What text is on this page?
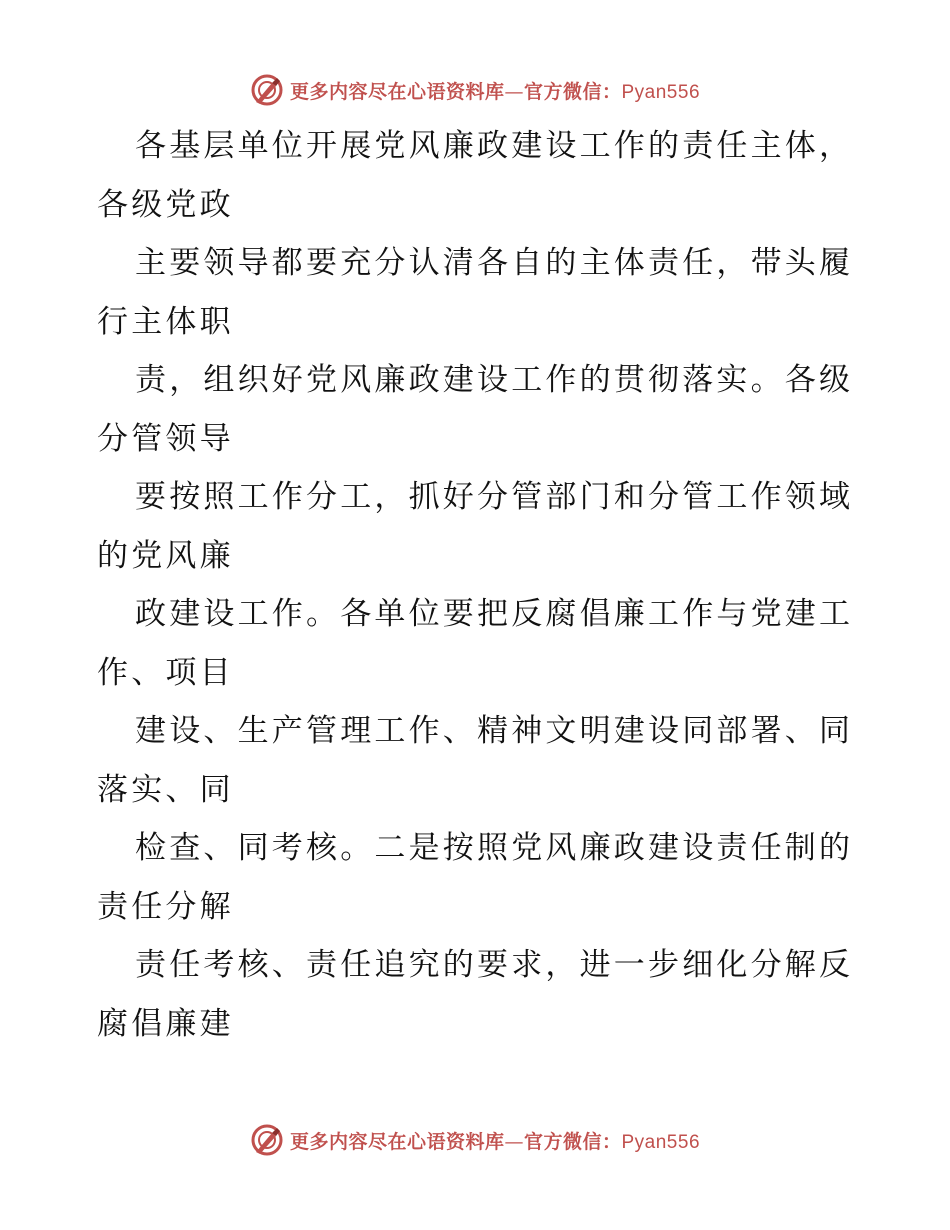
更多内容尽在心语资料库—官方微信：Pyan556
各基层单位开展党风廉政建设工作的责任主体，
各级党政
主要领导都要充分认清各自的主体责任，带头履
行主体职
责，组织好党风廉政建设工作的贯彻落实。各级
分管领导
要按照工作分工，抓好分管部门和分管工作领域
的党风廉
政建设工作。各单位要把反腐倡廉工作与党建工
作、项目
建设、生产管理工作、精神文明建设同部署、同
落实、同
检查、同考核。二是按照党风廉政建设责任制的
责任分解
责任考核、责任追究的要求，进一步细化分解反
腐倡廉建
更多内容尽在心语资料库—官方微信：Pyan556
